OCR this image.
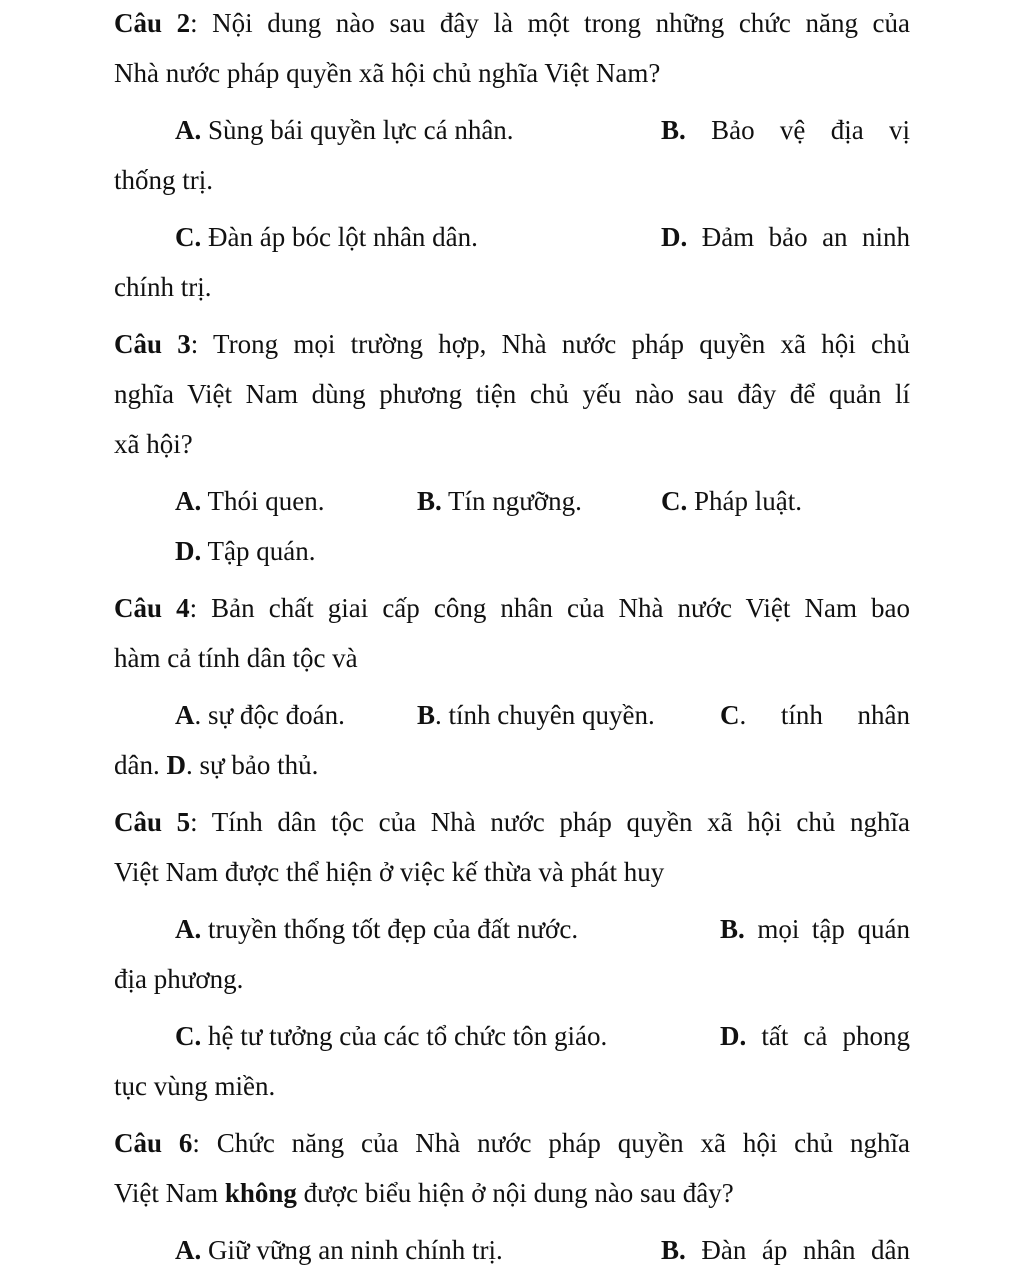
Câu 2: Nội dung nào sau đây là một trong những chức năng của
Nhà nước pháp quyền xã hội chủ nghĩa Việt Nam?
A. Sùng bái quyền lực cá nhân.	B. Bảo vệ địa vị
thống trị.
C. Đàn áp bóc lột nhân dân.	D. Đảm bảo an ninh
chính trị.
Câu 3: Trong mọi trường hợp, Nhà nước pháp quyền xã hội chủ
nghĩa Việt Nam dùng phương tiện chủ yếu nào sau đây để quản lí
xã hội?
A. Thói quen.	B. Tín ngưỡng.	C. Pháp luật.
D. Tập quán.
Câu 4: Bản chất giai cấp công nhân của Nhà nước Việt Nam bao
hàm cả tính dân tộc và
A. sự độc đoán.	B. tính chuyên quyền. C. tính nhân
dân. D. sự bảo thủ.
Câu 5: Tính dân tộc của Nhà nước pháp quyền xã hội chủ nghĩa
Việt Nam được thể hiện ở việc kế thừa và phát huy
A. truyền thống tốt đẹp của đất nước.	B. mọi tập quán
địa phương.
C. hệ tư tưởng của các tổ chức tôn giáo.	D. tất cả phong
tục vùng miền.
Câu 6: Chức năng của Nhà nước pháp quyền xã hội chủ nghĩa
Việt Nam không được biểu hiện ở nội dung nào sau đây?
A. Giữ vững an ninh chính trị.	B. Đàn áp nhân dân
